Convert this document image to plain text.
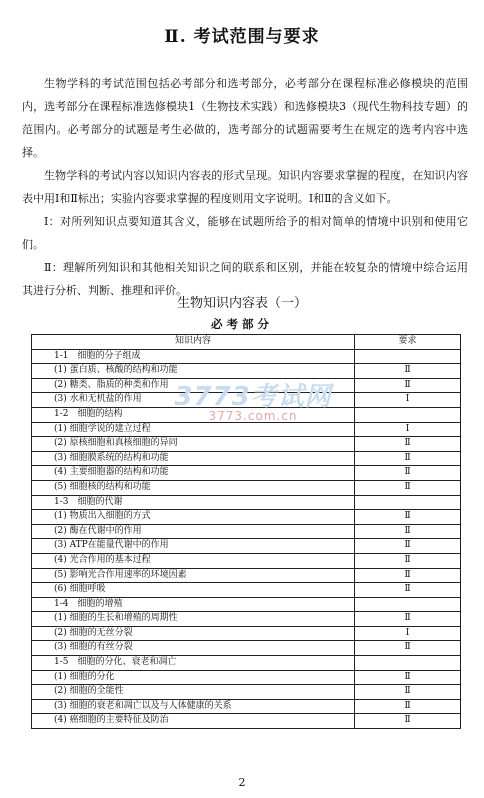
Ⅱ. 考试范围与要求

生物学科的考试范围包括必考部分和选考部分，必考部分在课程标准必修模块的范围内，选考部分在课程标准选修模块1（生物技术实践）和选修模块3（现代生物科技专题）的范围内。必考部分的试题是考生必做的，选考部分的试题需要考生在规定的选考内容中选择。

生物学科的考试内容以知识内容表的形式呈现。知识内容要求掌握的程度，在知识内容表中用Ⅰ和Ⅱ标出；实验内容要求掌握的程度则用文字说明。Ⅰ和Ⅱ的含义如下。

Ⅰ：对所列知识点要知道其含义，能够在试题所给予的相对简单的情境中识别和使用它们。

Ⅱ：理解所列知识和其他相关知识之间的联系和区别，并能在较复杂的情境中综合运用其进行分析、判断、推理和评价。

生物知识内容表（一）
必考部分
知识内容	要求
1-1　细胞的分子组成	
(1) 蛋白质、核酸的结构和功能	Ⅱ
(2) 糖类、脂质的种类和作用	Ⅱ
(3) 水和无机盐的作用	Ⅰ
1-2　细胞的结构	
(1) 细胞学说的建立过程	Ⅰ
(2) 原核细胞和真核细胞的异同	Ⅱ
(3) 细胞膜系统的结构和功能	Ⅱ
(4) 主要细胞器的结构和功能	Ⅱ
(5) 细胞核的结构和功能	Ⅱ
1-3　细胞的代谢	
(1) 物质出入细胞的方式	Ⅱ
(2) 酶在代谢中的作用	Ⅱ
(3) ATP在能量代谢中的作用	Ⅱ
(4) 光合作用的基本过程	Ⅱ
(5) 影响光合作用速率的环境因素	Ⅱ
(6) 细胞呼吸	Ⅱ
1-4　细胞的增殖	
(1) 细胞的生长和增殖的周期性	Ⅱ
(2) 细胞的无丝分裂	Ⅰ
(3) 细胞的有丝分裂	Ⅱ
1-5　细胞的分化、衰老和凋亡	
(1) 细胞的分化	Ⅱ
(2) 细胞的全能性	Ⅱ
(3) 细胞的衰老和凋亡以及与人体健康的关系	Ⅱ
(4) 癌细胞的主要特征及防治	Ⅱ
3773考试网
3773.com.cn
2
